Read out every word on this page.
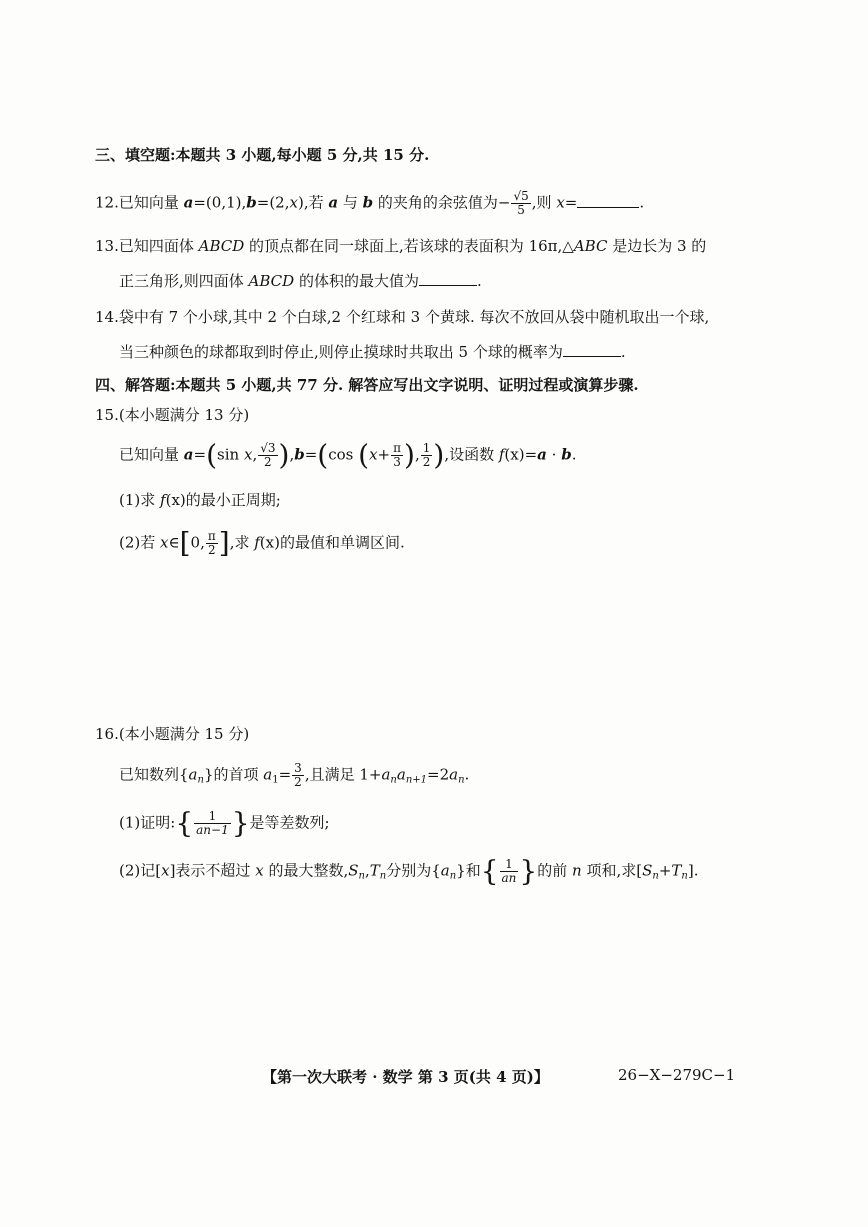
三、填空题:本题共 3 小题,每小题 5 分,共 15 分.
12.已知向量 a=(0,1),b=(2,x),若 a 与 b 的夹角的余弦值为− $\frac{√5}{5}$ ,则 x=	.
13.已知四面体 ABCD 的顶点都在同一球面上,若该球的表面积为 16π,△ABC 是边长为 3 的
正三角形,则四面体 ABCD 的体积的最大值为	.
14.袋中有 7 个小球,其中 2 个白球,2 个红球和 3 个黄球. 每次不放回从袋中随机取出一个球,
当三种颜色的球都取到时停止,则停止摸球时共取出 5 个球的概率为	.
四、解答题:本题共 5 小题,共 77 分. 解答应写出文字说明、证明过程或演算步骤.
15.(本小题满分 13 分)
已知向量 a=(sin x, $\frac{√3}{2} ),b=(\cos$ ($x+ \frac{\pi}{3}$ ), $\frac{1}{2}$ ),设函数 f(x)=a · b.
(1)求 f(x)的最小正周期;
(2)若 x∈[0, $\frac{\pi}{2}$ ],求 f(x)的最值和单调区间.
16.(本小题满分 15 分)
已知数列$\{a_n\}$的首项 $a_1= \frac{3}{2}$ ,且满足 $1+a_na_{n+1}=2a_n$.
(1)证明:{ $\frac{1}{an-1}$ }是等差数列;
(2)记[x]表示不超过 x 的最大整数$,S_n,T_n$分别为$\{a_n\}$和{ $\frac{1}{an}$ }的前 n 项和,求$[S_n+T_n]$.
【第一次大联考 · 数学 第 3 页(共 4 页)】	26−X−279C−1
